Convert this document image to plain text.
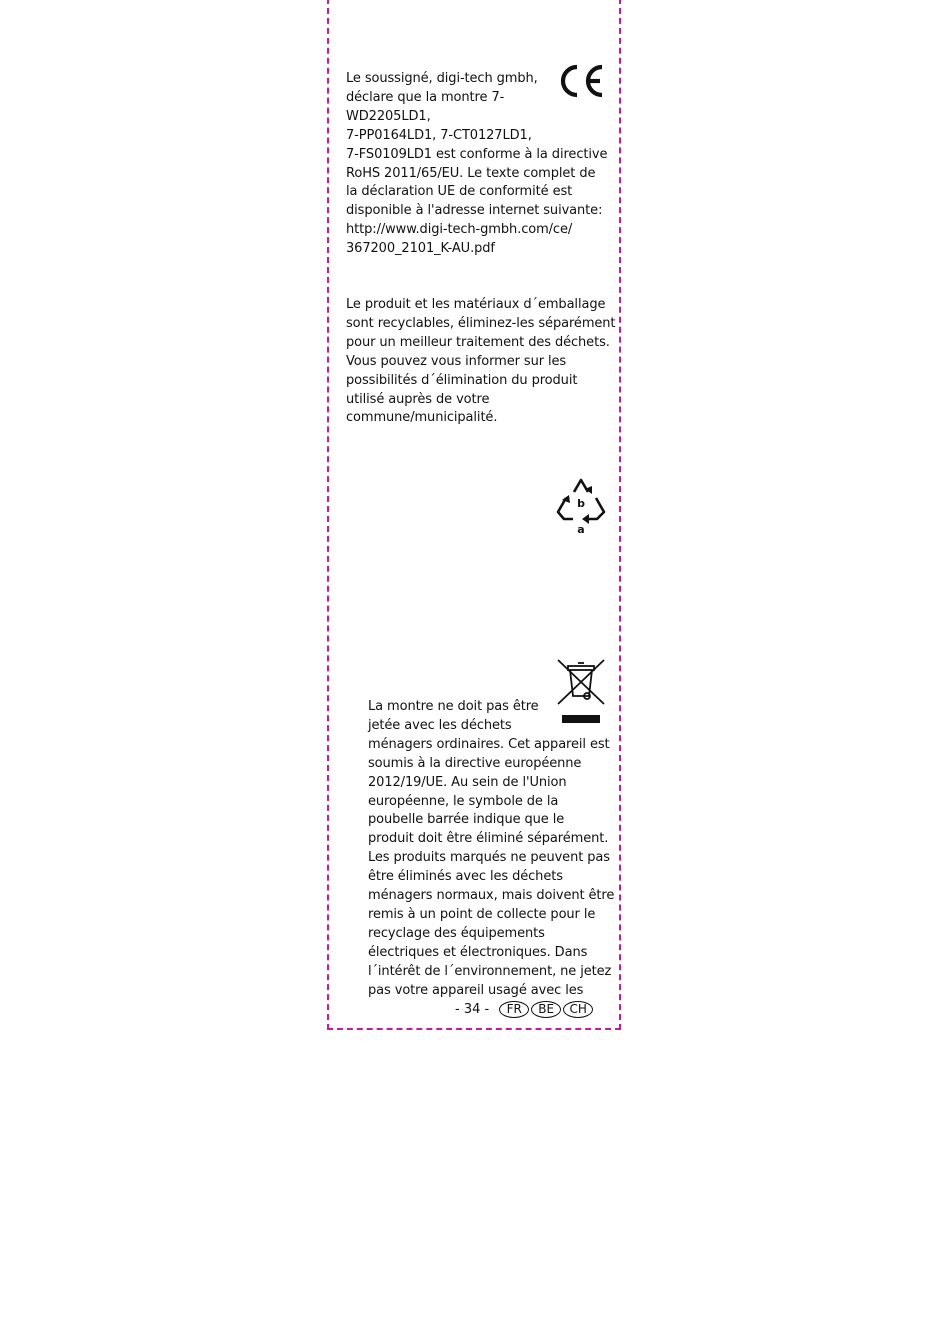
Le soussigné, digi-tech gmbh,
déclare que la montre 7-
WD2205LD1,
7-PP0164LD1, 7-CT0127LD1,
7-FS0109LD1 est conforme à la directive
RoHS 2011/65/EU. Le texte complet de
la déclaration UE de conformité est
disponible à l'adresse internet suivante:
http://www.digi-tech-gmbh.com/ce/
367200_2101_K-AU.pdf
Le produit et les matériaux d´emballage
sont recyclables, éliminez-les séparément
pour un meilleur traitement des déchets.
Vous pouvez vous informer sur les
possibilités d´élimination du produit
utilisé auprès de votre
commune/municipalité.
b
a
La montre ne doit pas être
jetée avec les déchets
ménagers ordinaires. Cet appareil est
soumis à la directive européenne
2012/19/UE. Au sein de l'Union
européenne, le symbole de la
poubelle barrée indique que le
produit doit être éliminé séparément.
Les produits marqués ne peuvent pas
être éliminés avec les déchets
ménagers normaux, mais doivent être
remis à un point de collecte pour le
recyclage des équipements
électriques et électroniques. Dans
l´intérêt de l´environnement, ne jetez
pas votre appareil usagé avec les
- 34 -	FR	BE	CH
